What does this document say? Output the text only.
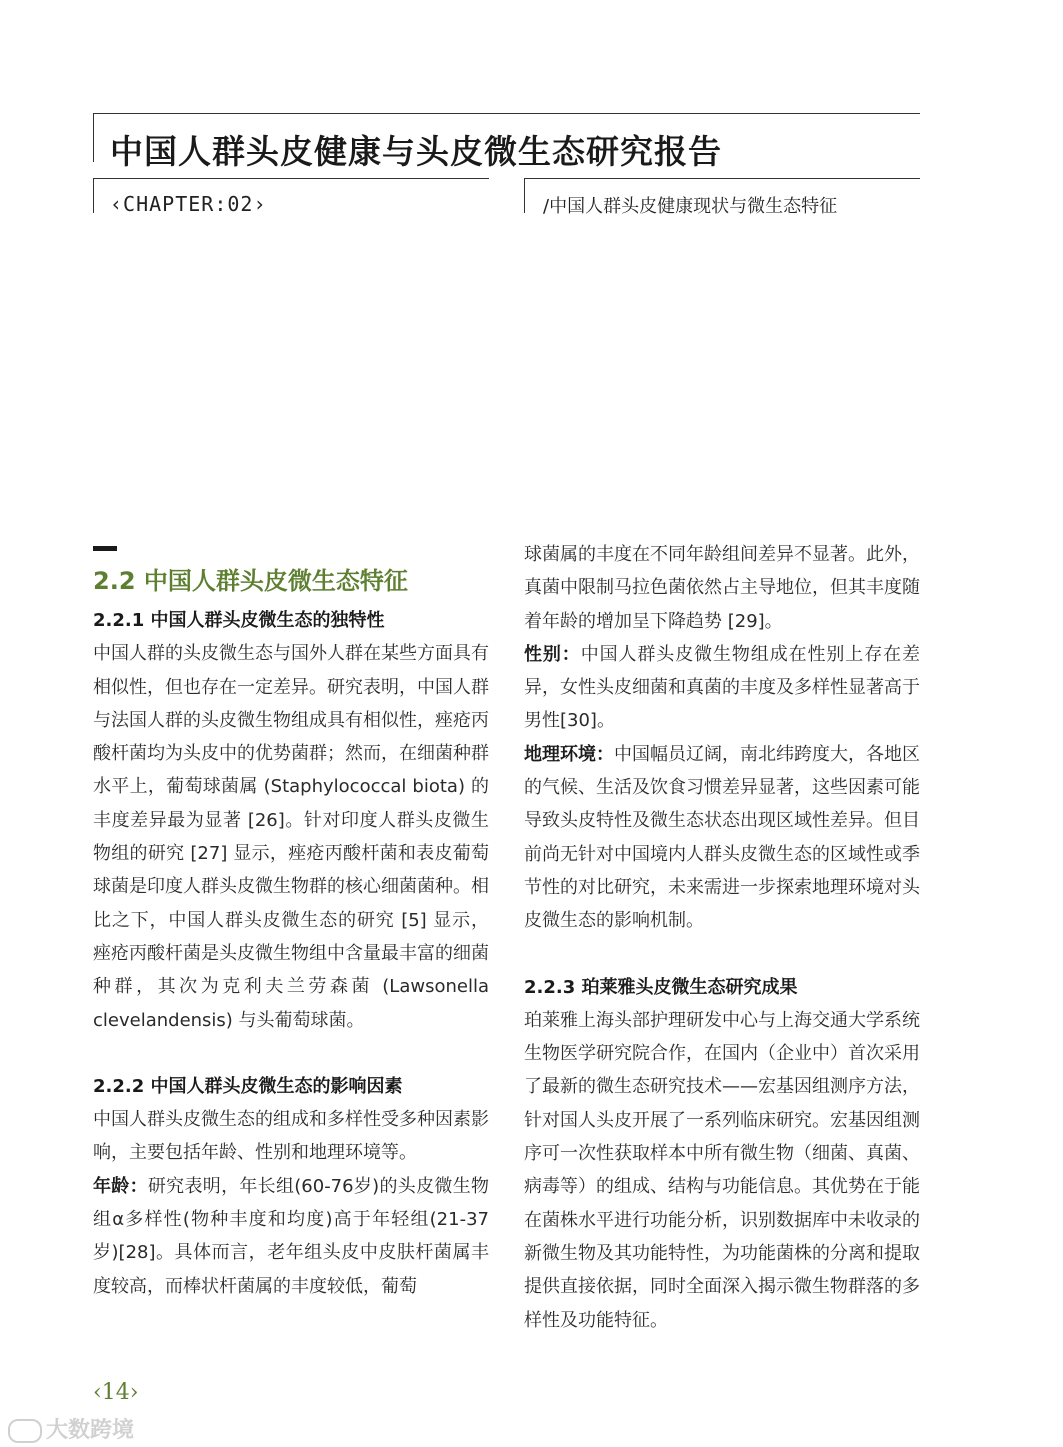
中国人群头皮健康与头皮微生态研究报告
‹CHAPTER:02›	/中国人群头皮健康现状与微生态特征
2.2 中国人群头皮微生态特征
2.2.1 中国人群头皮微生态的独特性

中国人群的头皮微生态与国外人群在某些方面具有相似性，但也存在一定差异。研究表明，中国人群与法国人群的头皮微生物组成具有相似性，痤疮丙酸杆菌均为头皮中的优势菌群；然而，在细菌种群水平上，葡萄球菌属 (Staphylococcal biota) 的丰度差异最为显著 [26]。针对印度人群头皮微生物组的研究 [27] 显示，痤疮丙酸杆菌和表皮葡萄球菌是印度人群头皮微生物群的核心细菌菌种。相比之下，中国人群头皮微生态的研究 [5] 显示，痤疮丙酸杆菌是头皮微生物组中含量最丰富的细菌种群，其次为克利夫兰劳森菌 (Lawsonella clevelandensis) 与头葡萄球菌。

2.2.2 中国人群头皮微生态的影响因素

中国人群头皮微生态的组成和多样性受多种因素影响，主要包括年龄、性别和地理环境等。

年龄：研究表明，年长组(60-76岁)的头皮微生物组α多样性(物种丰度和均度)高于年轻组(21-37岁)[28]。具体而言，老年组头皮中皮肤杆菌属丰度较高，而棒状杆菌属的丰度较低，葡萄

球菌属的丰度在不同年龄组间差异不显著。此外，真菌中限制马拉色菌依然占主导地位，但其丰度随着年龄的增加呈下降趋势 [29]。

性别：中国人群头皮微生物组成在性别上存在差异，女性头皮细菌和真菌的丰度及多样性显著高于男性[30]。

地理环境：中国幅员辽阔，南北纬跨度大，各地区的气候、生活及饮食习惯差异显著，这些因素可能导致头皮特性及微生态状态出现区域性差异。但目前尚无针对中国境内人群头皮微生态的区域性或季节性的对比研究，未来需进一步探索地理环境对头皮微生态的影响机制。

2.2.3 珀莱雅头皮微生态研究成果

珀莱雅上海头部护理研发中心与上海交通大学系统生物医学研究院合作，在国内（企业中）首次采用了最新的微生态研究技术——宏基因组测序方法，针对国人头皮开展了一系列临床研究。宏基因组测序可一次性获取样本中所有微生物（细菌、真菌、病毒等）的组成、结构与功能信息。其优势在于能在菌株水平进行功能分析，识别数据库中未收录的新微生物及其功能特性，为功能菌株的分离和提取提供直接依据，同时全面深入揭示微生物群落的多样性及功能特征。

‹14›
大数跨境
